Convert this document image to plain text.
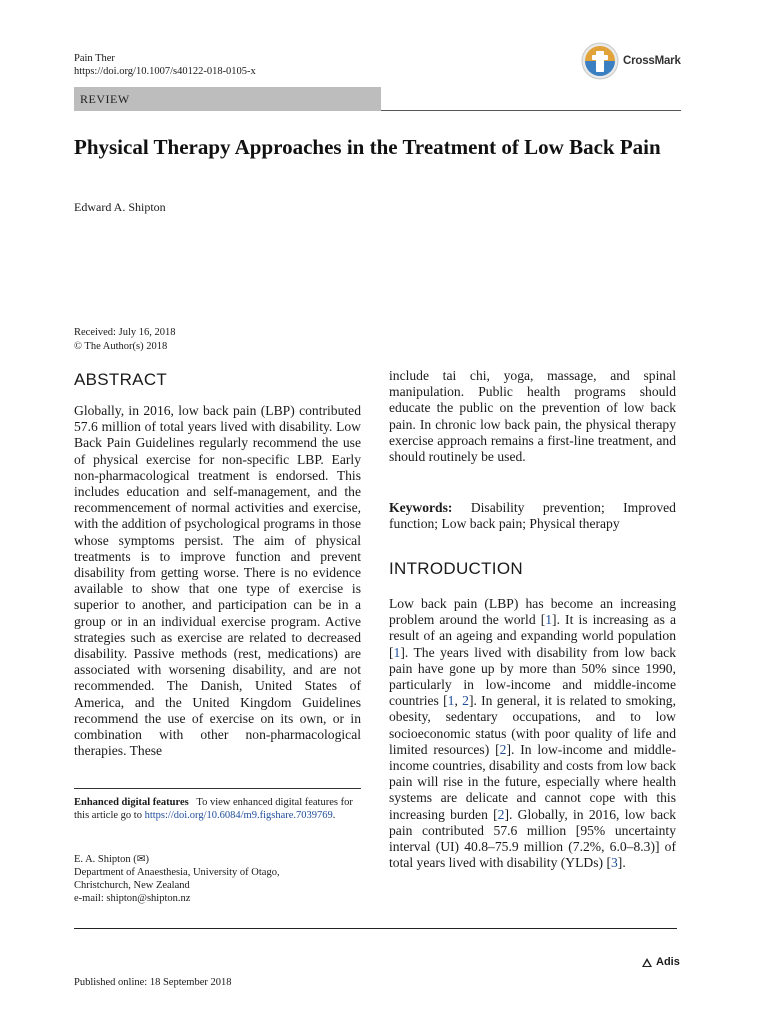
Pain Ther
https://doi.org/10.1007/s40122-018-0105-x
CrossMark
REVIEW
Physical Therapy Approaches in the Treatment of Low Back Pain
Edward A. Shipton
Received: July 16, 2018
© The Author(s) 2018
ABSTRACT
Globally, in 2016, low back pain (LBP) contributed 57.6 million of total years lived with disability. Low Back Pain Guidelines regularly recommend the use of physical exercise for non-specific LBP. Early non-pharmacological treatment is endorsed. This includes education and self-management, and the recommencement of normal activities and exercise, with the addition of psychological programs in those whose symptoms persist. The aim of physical treatments is to improve function and prevent disability from getting worse. There is no evidence available to show that one type of exercise is superior to another, and participation can be in a group or in an individual exercise program. Active strategies such as exercise are related to decreased disability. Passive methods (rest, medications) are associated with worsening disability, and are not recommended. The Danish, United States of America, and the United Kingdom Guidelines recommend the use of exercise on its own, or in combination with other non-pharmacological therapies. These
Enhanced digital features To view enhanced digital features for this article go to https://doi.org/10.6084/m9.figshare.7039769.
E. A. Shipton (✉)
Department of Anaesthesia, University of Otago,
Christchurch, New Zealand
e-mail: shipton@shipton.nz
include tai chi, yoga, massage, and spinal manipulation. Public health programs should educate the public on the prevention of low back pain. In chronic low back pain, the physical therapy exercise approach remains a first-line treatment, and should routinely be used.
Keywords: Disability prevention; Improved function; Low back pain; Physical therapy
INTRODUCTION
Low back pain (LBP) has become an increasing problem around the world [1]. It is increasing as a result of an ageing and expanding world population [1]. The years lived with disability from low back pain have gone up by more than 50% since 1990, particularly in low-income and middle-income countries [1, 2]. In general, it is related to smoking, obesity, sedentary occupations, and to low socioeconomic status (with poor quality of life and limited resources) [2]. In low-income and middle-income countries, disability and costs from low back pain will rise in the future, especially where health systems are delicate and cannot cope with this increasing burden [2]. Globally, in 2016, low back pain contributed 57.6 million [95% uncertainty interval (UI) 40.8–75.9 million (7.2%, 6.0–8.3)] of total years lived with disability (YLDs) [3].
Published online: 18 September 2018
Adis
